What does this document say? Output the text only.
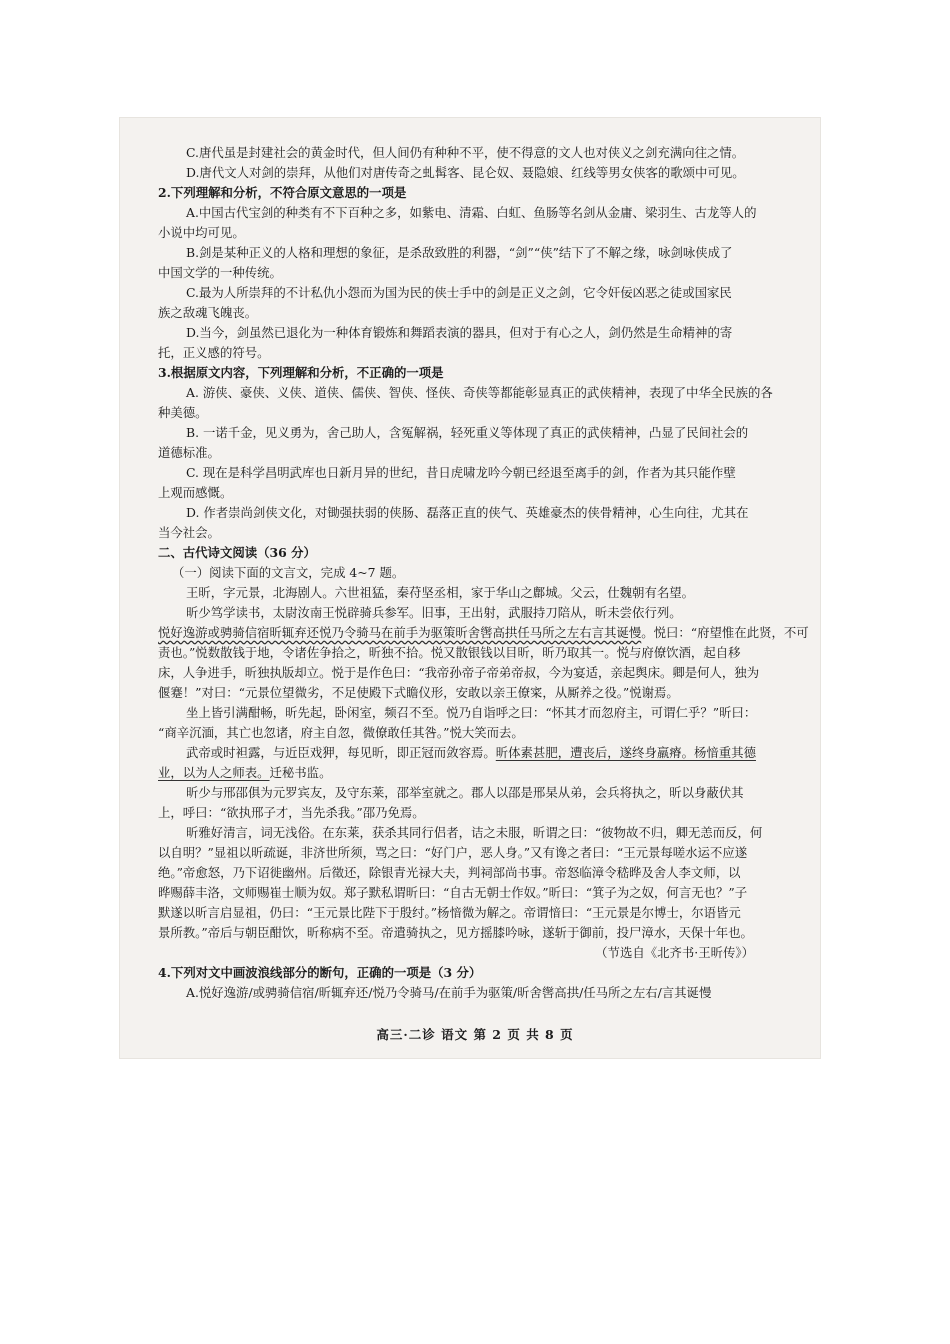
C.唐代虽是封建社会的黄金时代，但人间仍有种种不平，使不得意的文人也对侠义之剑充满向往之情。
D.唐代文人对剑的崇拜，从他们对唐传奇之虬髯客、昆仑奴、聂隐娘、红线等男女侠客的歌颂中可见。
2.下列理解和分析，不符合原文意思的一项是
A.中国古代宝剑的种类有不下百种之多，如紫电、清霜、白虹、鱼肠等名剑从金庸、梁羽生、古龙等人的
小说中均可见。
B.剑是某种正义的人格和理想的象征，是杀敌致胜的利器，“剑”“侠”结下了不解之缘，咏剑咏侠成了
中国文学的一种传统。
C.最为人所崇拜的不计私仇小怨而为国为民的侠士手中的剑是正义之剑，它令奸佞凶恶之徒或国家民
族之敌魂飞魄丧。
D.当今，剑虽然已退化为一种体育锻炼和舞蹈表演的器具，但对于有心之人，剑仍然是生命精神的寄
托，正义感的符号。
3.根据原文内容，下列理解和分析，不正确的一项是
A. 游侠、豪侠、义侠、道侠、儒侠、智侠、怪侠、奇侠等都能彰显真正的武侠精神，表现了中华全民族的各
种美德。
B. 一诺千金，见义勇为，舍己助人，含冤解祸，轻死重义等体现了真正的武侠精神，凸显了民间社会的
道德标准。
C. 现在是科学昌明武库也日新月异的世纪，昔日虎啸龙吟今朝已经退至离手的剑，作者为其只能作壁
上观而感慨。
D. 作者崇尚剑侠文化，对锄强扶弱的侠肠、磊落正直的侠气、英雄豪杰的侠骨精神，心生向往，尤其在
当今社会。
二、古代诗文阅读（36 分）
（一）阅读下面的文言文，完成 4~7 题。
王昕，字元景，北海剧人。六世祖猛，秦苻坚丞相，家于华山之鄜城。父云，仕魏朝有名望。
昕少笃学读书，太尉汝南王悦辟骑兵参军。旧事，王出射，武服持刀陪从，昕未尝依行列。
悦好逸游或骋骑信宿昕辄弃还悦乃令骑马在前手为驱策昕舍辔高拱任马所之左右言其诞慢。悦曰：“府望惟在此贤，不可
责也。”悦数散钱于地，令诸佐争拾之，昕独不拾。悦又散银钱以目昕，昕乃取其一。悦与府僚饮酒，起自移
床，人争进手，昕独执版却立。悦于是作色曰：“我帝孙帝子帝弟帝叔，今为宴适，亲起舆床。卿是何人，独为
偃蹇！”对曰：“元景位望微劣，不足使殿下式瞻仪形，安敢以亲王僚寀，从厮养之役。”悦谢焉。
坐上皆引满酣畅，昕先起，卧闲室，频召不至。悦乃自诣呼之曰：“怀其才而忽府主，可谓仁乎？”昕曰：
“商辛沉湎，其亡也忽诸，府主自忽，微僚敢任其咎。”悦大笑而去。
武帝或时袒露，与近臣戏狎，每见昕，即正冠而敛容焉。昕体素甚肥，遭丧后，遂终身羸瘠。杨愔重其德
业，以为人之师表。迁秘书监。
昕少与邢邵俱为元罗宾友，及守东莱，邵举室就之。郡人以邵是邢杲从弟，会兵将执之，昕以身蔽伏其
上，呼曰：“欲执邢子才，当先杀我。”邵乃免焉。
昕雅好清言，词无浅俗。在东莱，获杀其同行侣者，诘之未服，昕谓之曰：“彼物故不归，卿无恙而反，何
以自明？”显祖以昕疏诞，非济世所须，骂之曰：“好门户，恶人身。”又有谗之者曰：“王元景每嗟水运不应遂
绝。”帝愈怒，乃下诏徙幽州。后徵还，除银青光禄大夫，判祠部尚书事。帝怒临漳令嵇晔及舍人李文师，以
晔赐薛丰洛，文师赐崔士顺为奴。郑子默私谓昕曰：“自古无朝士作奴。”昕曰：“箕子为之奴，何言无也？”子
默遂以昕言启显祖，仍曰：“王元景比陛下于殷纣。”杨愔微为解之。帝谓愔曰：“王元景是尔博士，尔语皆元
景所教。”帝后与朝臣酣饮，昕称病不至。帝遣骑执之，见方摇膝吟咏，遂斩于御前，投尸漳水，天保十年也。
（节选自《北齐书·王昕传》）
4.下列对文中画波浪线部分的断句，正确的一项是（3 分）
A.悦好逸游/或骋骑信宿/昕辄弃还/悦乃令骑马/在前手为驱策/昕舍辔高拱/任马所之左右/言其诞慢
高三·二诊 语文 第 2 页 共 8 页
